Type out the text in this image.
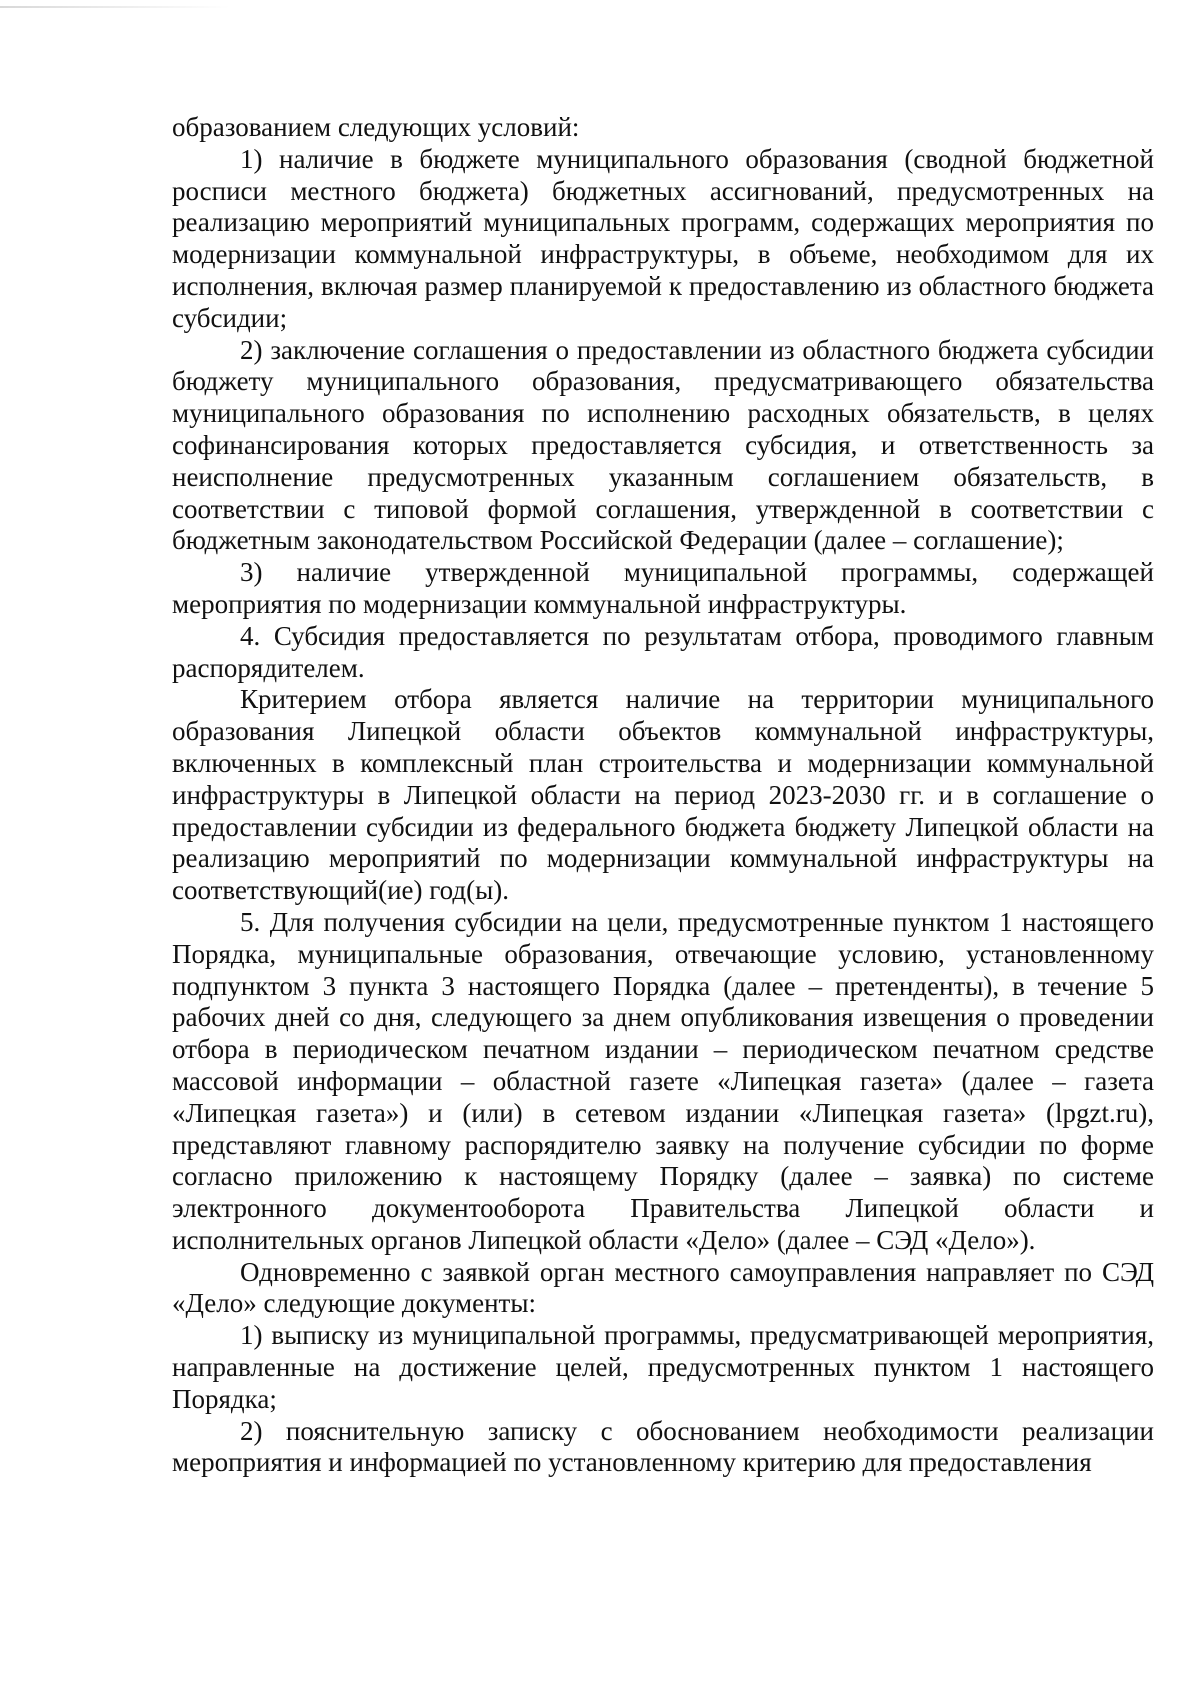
образованием следующих условий:

1) наличие в бюджете муниципального образования (сводной бюджетной росписи местного бюджета) бюджетных ассигнований, предусмотренных на реализацию мероприятий муниципальных программ, содержащих мероприятия по модернизации коммунальной инфраструктуры, в объеме, необходимом для их исполнения, включая размер планируемой к предоставлению из областного бюджета субсидии;

2) заключение соглашения о предоставлении из областного бюджета субсидии бюджету муниципального образования, предусматривающего обязательства муниципального образования по исполнению расходных обязательств, в целях софинансирования которых предоставляется субсидия, и ответственность за неисполнение предусмотренных указанным соглашением обязательств, в соответствии с типовой формой соглашения, утвержденной в соответствии с бюджетным законодательством Российской Федерации (далее – соглашение);

3) наличие утвержденной муниципальной программы, содержащей мероприятия по модернизации коммунальной инфраструктуры.

4. Субсидия предоставляется по результатам отбора, проводимого главным распорядителем.

Критерием отбора является наличие на территории муниципального образования Липецкой области объектов коммунальной инфраструктуры, включенных в комплексный план строительства и модернизации коммунальной инфраструктуры в Липецкой области на период 2023-2030 гг. и в соглашение о предоставлении субсидии из федерального бюджета бюджету Липецкой области на реализацию мероприятий по модернизации коммунальной инфраструктуры на соответствующий(ие) год(ы).

5. Для получения субсидии на цели, предусмотренные пунктом 1 настоящего Порядка, муниципальные образования, отвечающие условию, установленному подпунктом 3 пункта 3 настоящего Порядка (далее – претенденты), в течение 5 рабочих дней со дня, следующего за днем опубликования извещения о проведении отбора в периодическом печатном издании – периодическом печатном средстве массовой информации – областной газете «Липецкая газета» (далее – газета «Липецкая газета») и (или) в сетевом издании «Липецкая газета» (lpgzt.ru), представляют главному распорядителю заявку на получение субсидии по форме согласно приложению к настоящему Порядку (далее – заявка) по системе электронного документооборота Правительства Липецкой области и исполнительных органов Липецкой области «Дело» (далее – СЭД «Дело»).

Одновременно с заявкой орган местного самоуправления направляет по СЭД «Дело» следующие документы:

1) выписку из муниципальной программы, предусматривающей мероприятия, направленные на достижение целей, предусмотренных пунктом 1 настоящего Порядка;

2) пояснительную записку с обоснованием необходимости реализации мероприятия и информацией по установленному критерию для предоставления
